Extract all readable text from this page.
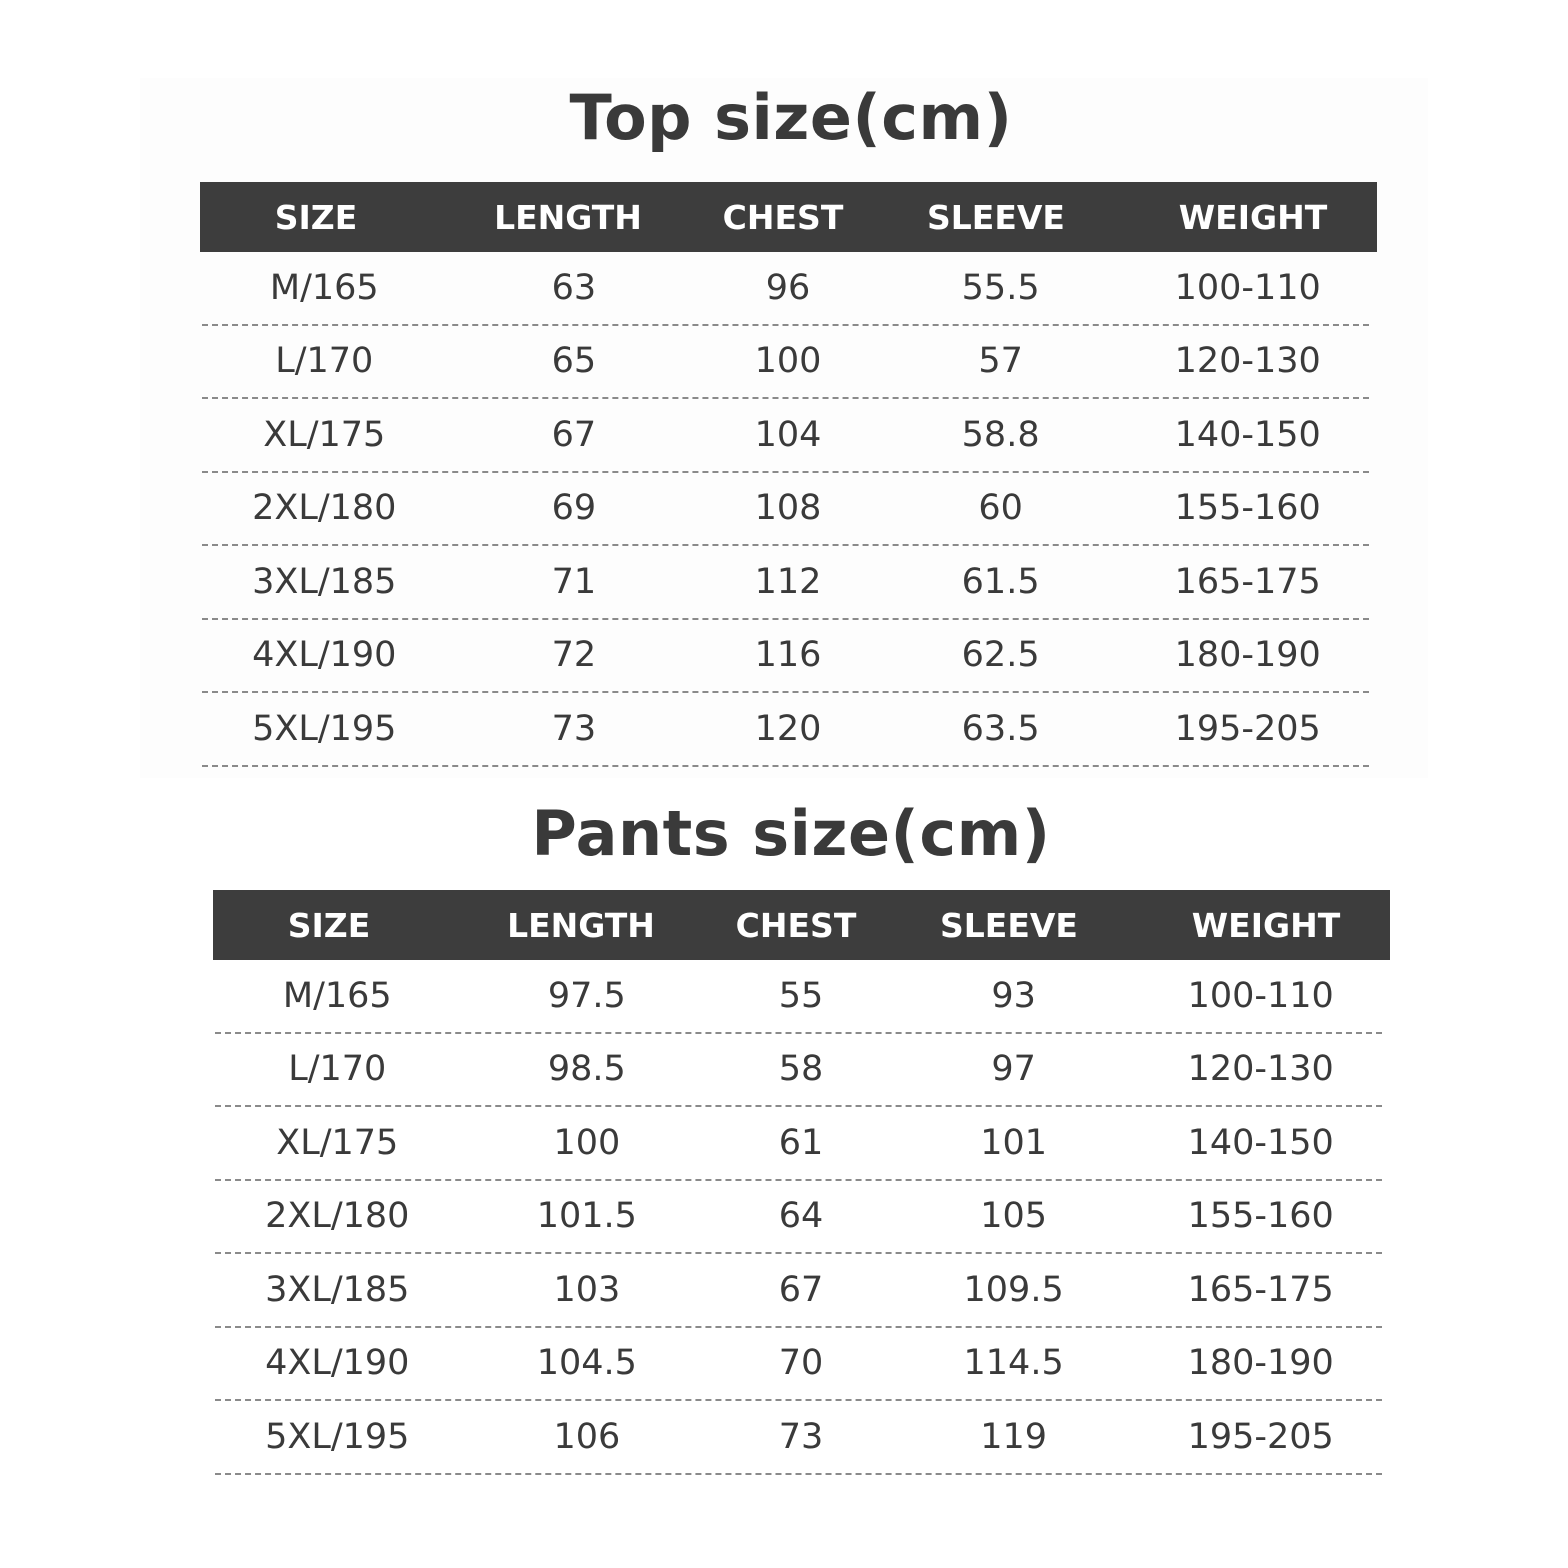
Top size(cm)
SIZE	LENGTH	CHEST	SLEEVE	WEIGHT
M/165	63	96	55.5	100-110
L/170	65	100	57	120-130
XL/175	67	104	58.8	140-150
2XL/180	69	108	60	155-160
3XL/185	71	112	61.5	165-175
4XL/190	72	116	62.5	180-190
5XL/195	73	120	63.5	195-205
Pants size(cm)
SIZE	LENGTH	CHEST	SLEEVE	WEIGHT
M/165	97.5	55	93	100-110
L/170	98.5	58	97	120-130
XL/175	100	61	101	140-150
2XL/180	101.5	64	105	155-160
3XL/185	103	67	109.5	165-175
4XL/190	104.5	70	114.5	180-190
5XL/195	106	73	119	195-205
